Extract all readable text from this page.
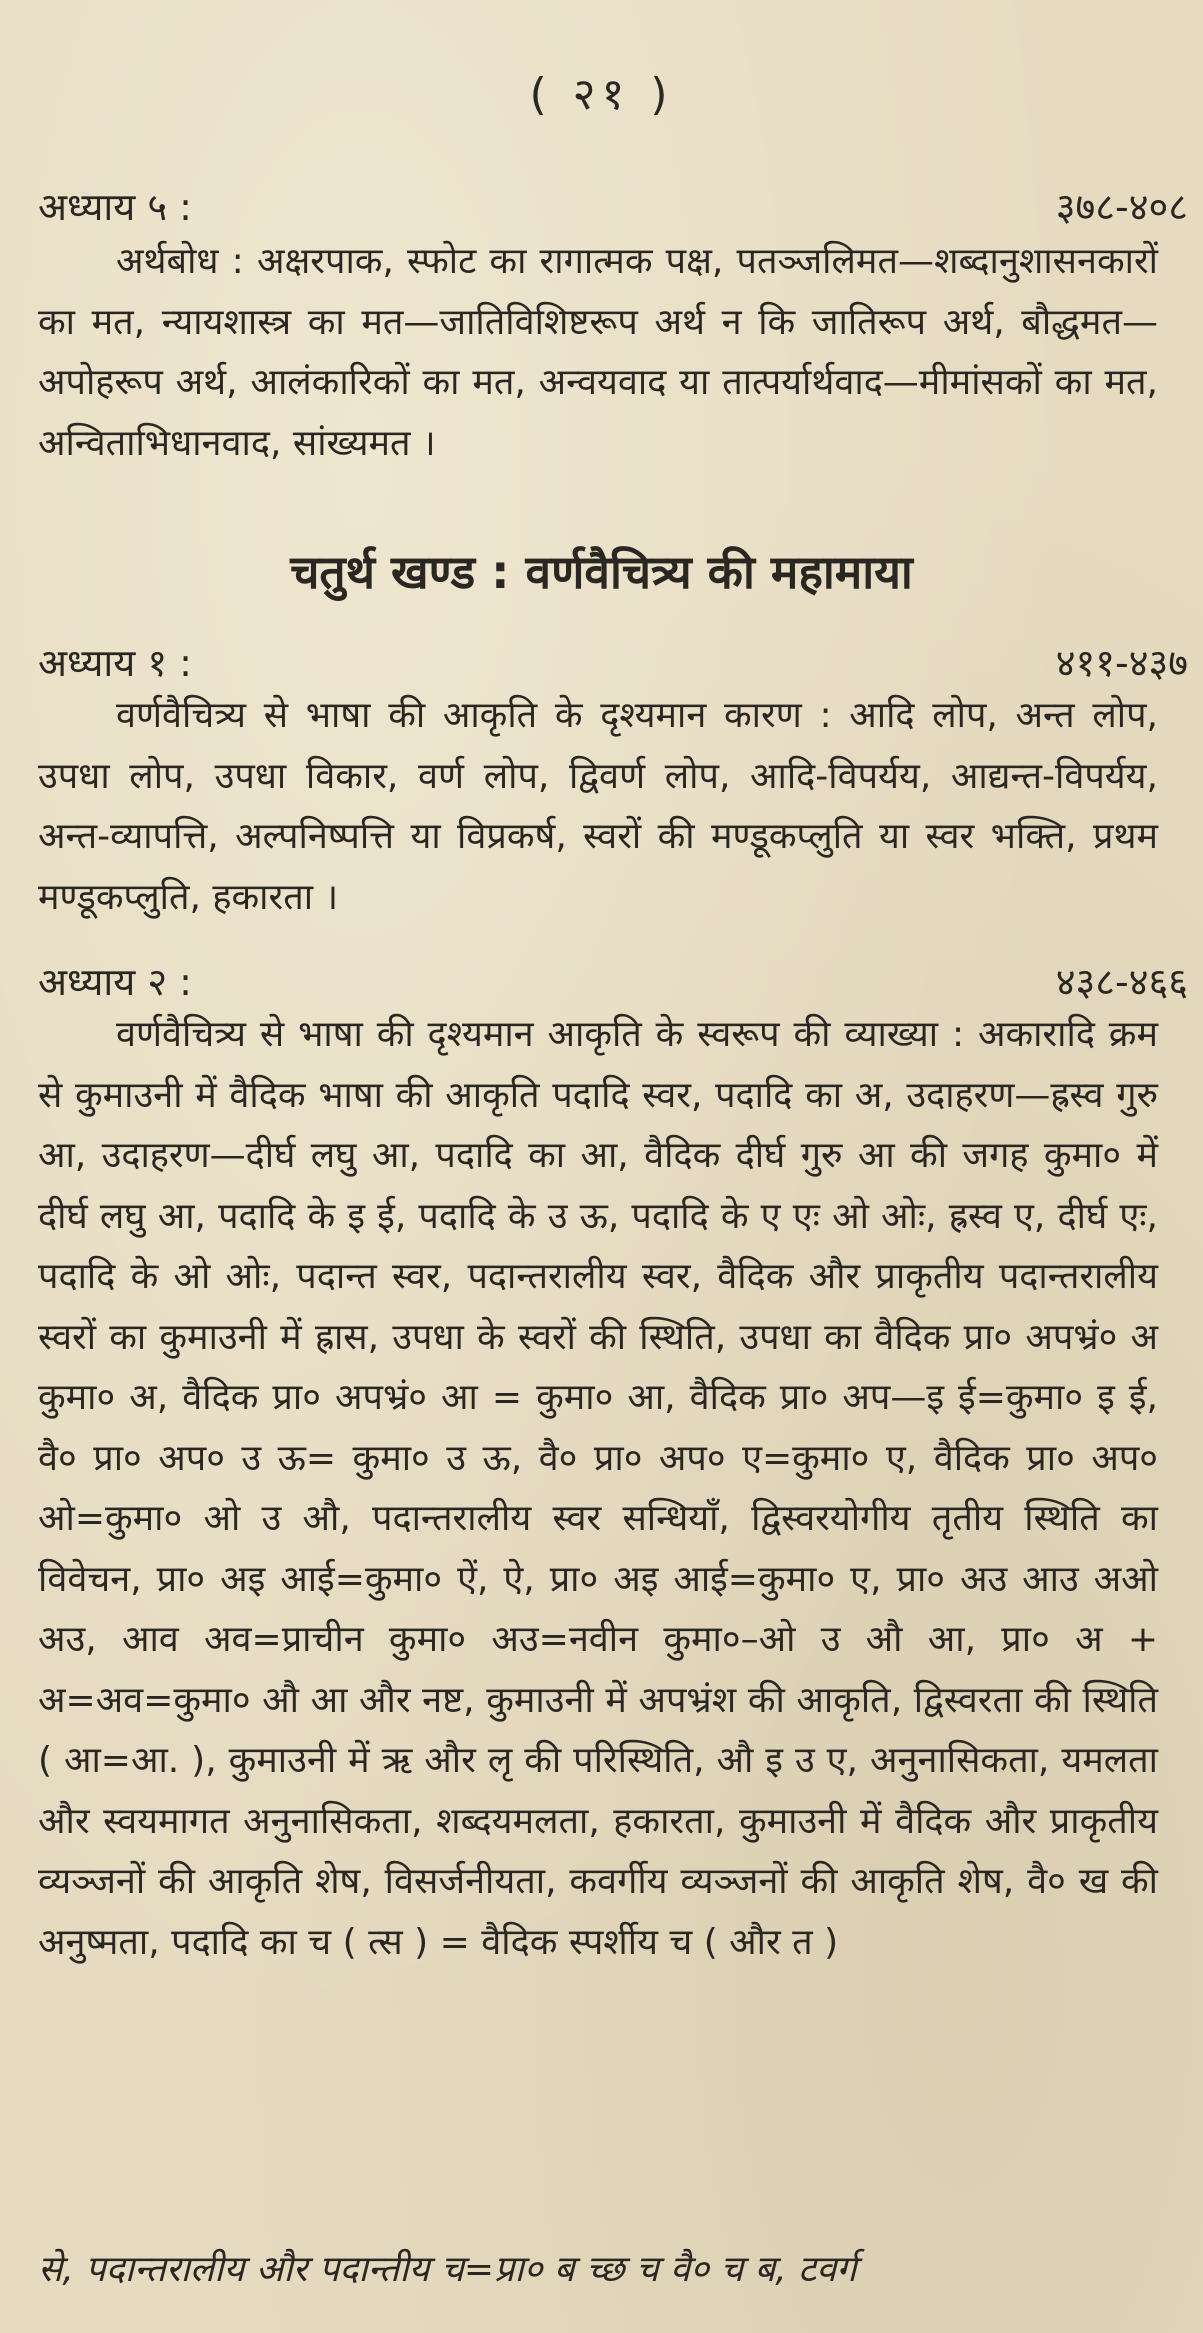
( २१ )
अध्याय ५ :	३७८-४०८

अर्थबोध : अक्षरपाक, स्फोट का रागात्मक पक्ष, पतञ्जलिमत—शब्दानुशासनकारों का मत, न्यायशास्त्र का मत—जातिविशिष्टरूप अर्थ न कि जातिरूप अर्थ, बौद्धमत—अपोहरूप अर्थ, आलंकारिकों का मत, अन्वयवाद या तात्पर्यार्थवाद—मीमांसकों का मत, अन्विताभिधानवाद, सांख्यमत ।

चतुर्थ खण्ड : वर्णवैचित्र्य की महामाया
अध्याय १ :	४११-४३७

वर्णवैचित्र्य से भाषा की आकृति के दृश्यमान कारण : आदि लोप, अन्त लोप, उपधा लोप, उपधा विकार, वर्ण लोप, द्विवर्ण लोप, आदि-विपर्यय, आद्यन्त-विपर्यय, अन्त-व्यापत्ति, अल्पनिष्पत्ति या विप्रकर्ष, स्वरों की मण्डूकप्लुति या स्वर भक्ति, प्रथम मण्डूकप्लुति, हकारता ।

अध्याय २ :	४३८-४६६

वर्णवैचित्र्य से भाषा की दृश्यमान आकृति के स्वरूप की व्याख्या : अकारादि क्रम से कुमाउनी में वैदिक भाषा की आकृति पदादि स्वर, पदादि का अ, उदाहरण—ह्रस्व गुरु आ, उदाहरण—दीर्घ लघु आ, पदादि का आ, वैदिक दीर्घ गुरु आ की जगह कुमा० में दीर्घ लघु आ, पदादि के इ ई, पदादि के उ ऊ, पदादि के ए एः ओ ओः, ह्रस्व ए, दीर्घ एः, पदादि के ओ ओः, पदान्त स्वर, पदान्तरालीय स्वर, वैदिक और प्राकृतीय पदान्तरालीय स्वरों का कुमाउनी में ह्रास, उपधा के स्वरों की स्थिति, उपधा का वैदिक प्रा० अपभ्रं० अ कुमा० अ, वैदिक प्रा० अपभ्रं० आ = कुमा० आ, वैदिक प्रा० अप—इ ई=कुमा० इ ई, वै० प्रा० अप० उ ऊ= कुमा० उ ऊ, वै० प्रा० अप० ए=कुमा० ए, वैदिक प्रा० अप० ओ=कुमा० ओ उ औ, पदान्तरालीय स्वर सन्धियाँ, द्विस्वरयोगीय तृतीय स्थिति का विवेचन, प्रा० अइ आई=कुमा० ऐं, ऐ, प्रा० अइ आई=कुमा० ए, प्रा० अउ आउ अओ अउ, आव अव=प्राचीन कुमा० अउ=नवीन कुमा०–ओ उ औ आ, प्रा० अ + अ=अव=कुमा० औ आ और नष्ट, कुमाउनी में अपभ्रंश की आकृति, द्विस्वरता की स्थिति ( आ=आ. ), कुमाउनी में ऋ और लृ की परिस्थिति, औ इ उ ए, अनुनासिकता, यमलता और स्वयमागत अनुनासिकता, शब्दयमलता, हकारता, कुमाउनी में वैदिक और प्राकृतीय व्यञ्जनों की आकृति शेष, विसर्जनीयता, कवर्गीय व्यञ्जनों की आकृति शेष, वै० ख की अनुष्मता, पदादि का च ( त्स ) = वैदिक स्पर्शीय च ( और त )

से, पदान्तरालीय और पदान्तीय च=प्रा० ब च्छ च वै० च ब, टवर्ग
